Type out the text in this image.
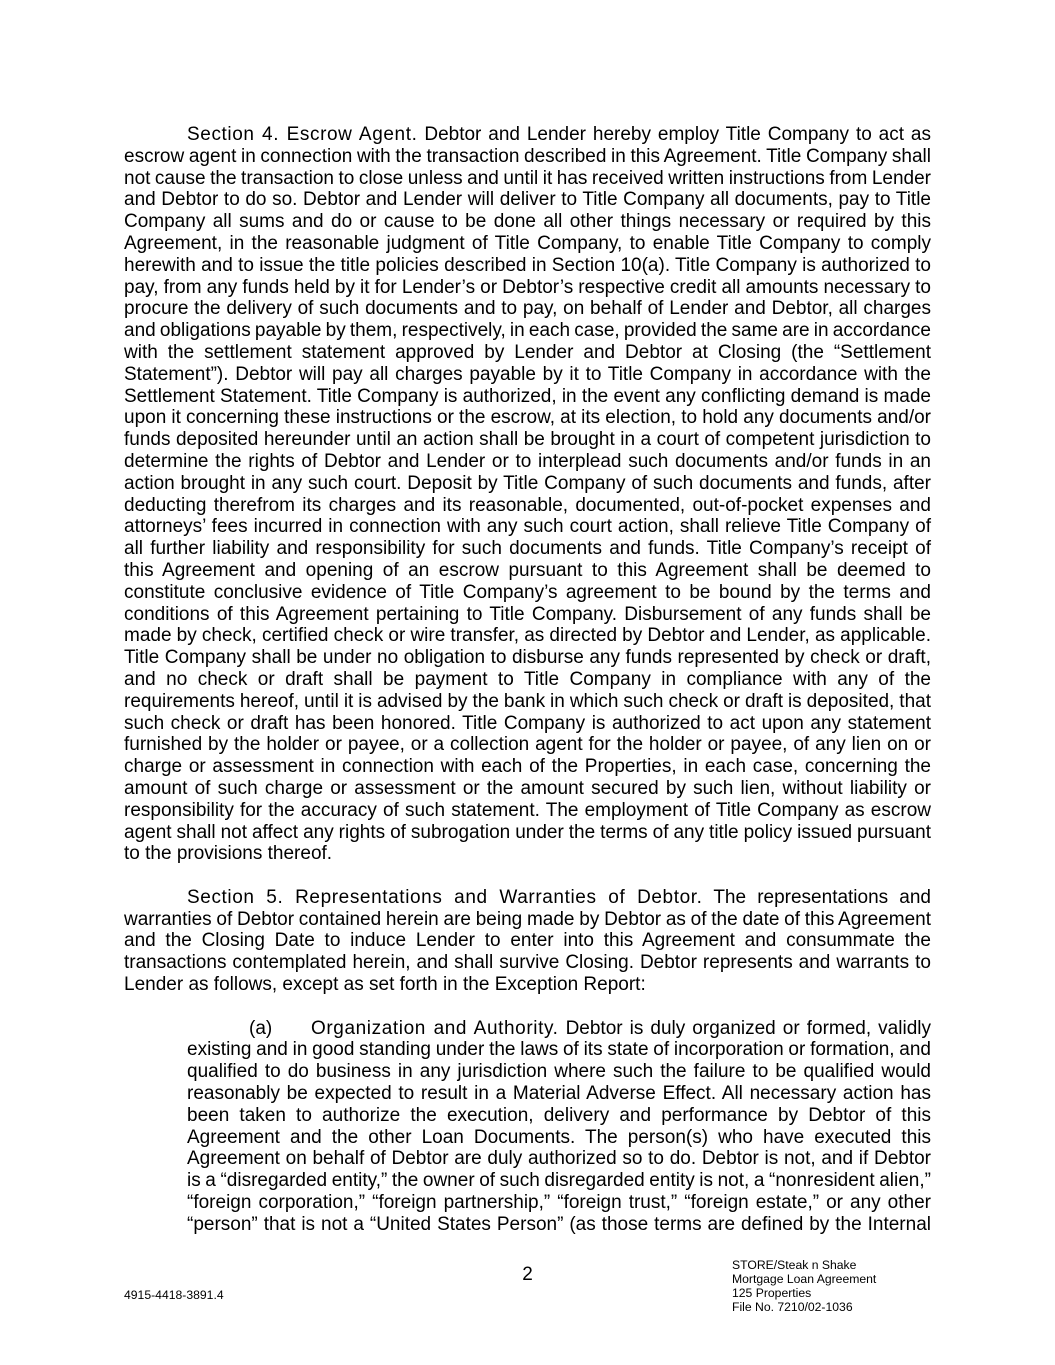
Section 4. Escrow Agent. Debtor and Lender hereby employ Title Company to act as
escrow agent in connection with the transaction described in this Agreement. Title Company shall
not cause the transaction to close unless and until it has received written instructions from Lender
and Debtor to do so. Debtor and Lender will deliver to Title Company all documents, pay to Title
Company all sums and do or cause to be done all other things necessary or required by this
Agreement, in the reasonable judgment of Title Company, to enable Title Company to comply
herewith and to issue the title policies described in Section 10(a). Title Company is authorized to
pay, from any funds held by it for Lender’s or Debtor’s respective credit all amounts necessary to
procure the delivery of such documents and to pay, on behalf of Lender and Debtor, all charges
and obligations payable by them, respectively, in each case, provided the same are in accordance
with the settlement statement approved by Lender and Debtor at Closing (the “Settlement
Statement”). Debtor will pay all charges payable by it to Title Company in accordance with the
Settlement Statement. Title Company is authorized, in the event any conflicting demand is made
upon it concerning these instructions or the escrow, at its election, to hold any documents and/or
funds deposited hereunder until an action shall be brought in a court of competent jurisdiction to
determine the rights of Debtor and Lender or to interplead such documents and/or funds in an
action brought in any such court. Deposit by Title Company of such documents and funds, after
deducting therefrom its charges and its reasonable, documented, out-of-pocket expenses and
attorneys’ fees incurred in connection with any such court action, shall relieve Title Company of
all further liability and responsibility for such documents and funds. Title Company’s receipt of
this Agreement and opening of an escrow pursuant to this Agreement shall be deemed to
constitute conclusive evidence of Title Company’s agreement to be bound by the terms and
conditions of this Agreement pertaining to Title Company. Disbursement of any funds shall be
made by check, certified check or wire transfer, as directed by Debtor and Lender, as applicable.
Title Company shall be under no obligation to disburse any funds represented by check or draft,
and no check or draft shall be payment to Title Company in compliance with any of the
requirements hereof, until it is advised by the bank in which such check or draft is deposited, that
such check or draft has been honored. Title Company is authorized to act upon any statement
furnished by the holder or payee, or a collection agent for the holder or payee, of any lien on or
charge or assessment in connection with each of the Properties, in each case, concerning the
amount of such charge or assessment or the amount secured by such lien, without liability or
responsibility for the accuracy of such statement. The employment of Title Company as escrow
agent shall not affect any rights of subrogation under the terms of any title policy issued pursuant
to the provisions thereof.
Section 5. Representations and Warranties of Debtor. The representations and
warranties of Debtor contained herein are being made by Debtor as of the date of this Agreement
and the Closing Date to induce Lender to enter into this Agreement and consummate the
transactions contemplated herein, and shall survive Closing. Debtor represents and warrants to
Lender as follows, except as set forth in the Exception Report:
(a) Organization and Authority. Debtor is duly organized or formed, validly
existing and in good standing under the laws of its state of incorporation or formation, and
qualified to do business in any jurisdiction where such the failure to be qualified would
reasonably be expected to result in a Material Adverse Effect. All necessary action has
been taken to authorize the execution, delivery and performance by Debtor of this
Agreement and the other Loan Documents. The person(s) who have executed this
Agreement on behalf of Debtor are duly authorized so to do. Debtor is not, and if Debtor
is a “disregarded entity,” the owner of such disregarded entity is not, a “nonresident alien,”
“foreign corporation,” “foreign partnership,” “foreign trust,” “foreign estate,” or any other
“person” that is not a “United States Person” (as those terms are defined by the Internal
2
4915-4418-3891.4
STORE/Steak n Shake
Mortgage Loan Agreement
125 Properties
File No. 7210/02-1036
